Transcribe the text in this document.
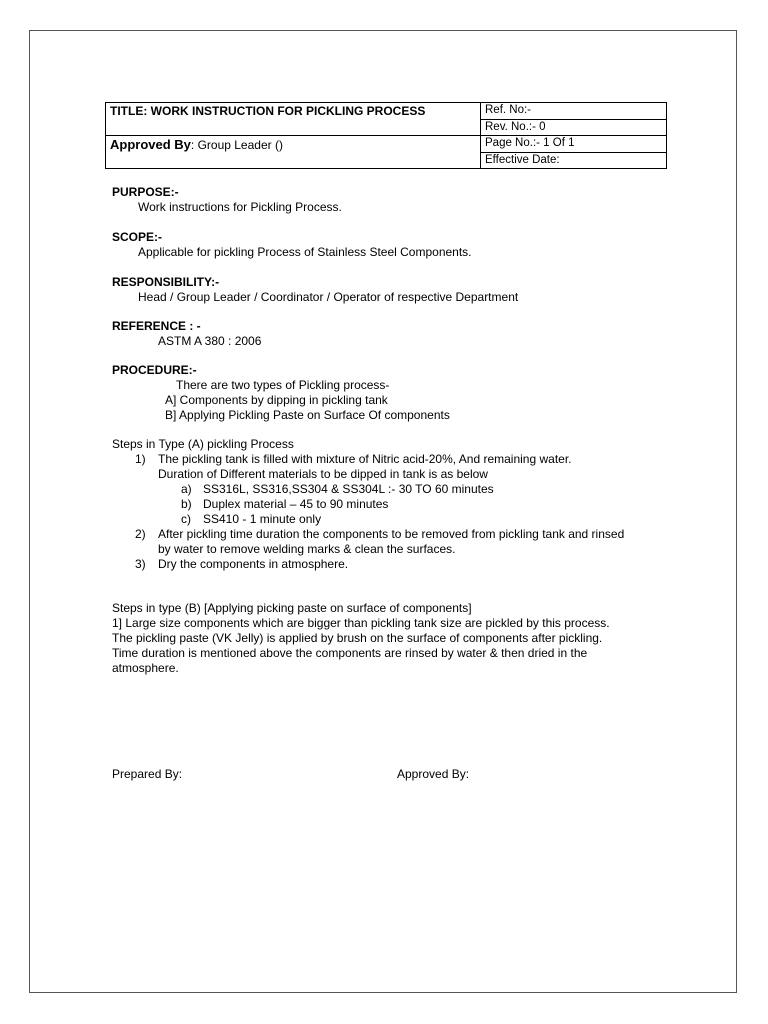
TITLE: WORK INSTRUCTION FOR PICKLING PROCESS	Ref. No:-
	Rev. No.:- 0
Approved By: Group Leader ()	Page No.:- 1 Of 1
	Effective Date:
PURPOSE:-
Work instructions for Pickling Process.
SCOPE:-
Applicable for pickling Process of Stainless Steel Components.
RESPONSIBILITY:-
Head / Group Leader / Coordinator / Operator of respective Department
REFERENCE : -
ASTM A 380 : 2006
PROCEDURE:-
There are two types of Pickling process-
A] Components by dipping in pickling tank
B] Applying Pickling Paste on Surface Of components
Steps in Type (A) pickling Process
1) The pickling tank is filled with mixture of Nitric acid-20%, And remaining water.
Duration of Different materials to be dipped in tank is as below
a) SS316L, SS316,SS304 & SS304L :- 30 TO 60 minutes
b) Duplex material – 45 to 90 minutes
c) SS410 - 1 minute only
2) After pickling time duration the components to be removed from pickling tank and rinsed
by water to remove welding marks & clean the surfaces.
3) Dry the components in atmosphere.
Steps in type (B) [Applying picking paste on surface of components]
1] Large size components which are bigger than pickling tank size are pickled by this process.
The pickling paste (VK Jelly) is applied by brush on the surface of components after pickling.
Time duration is mentioned above the components are rinsed by water & then dried in the
atmosphere.
Prepared By:	Approved By:
